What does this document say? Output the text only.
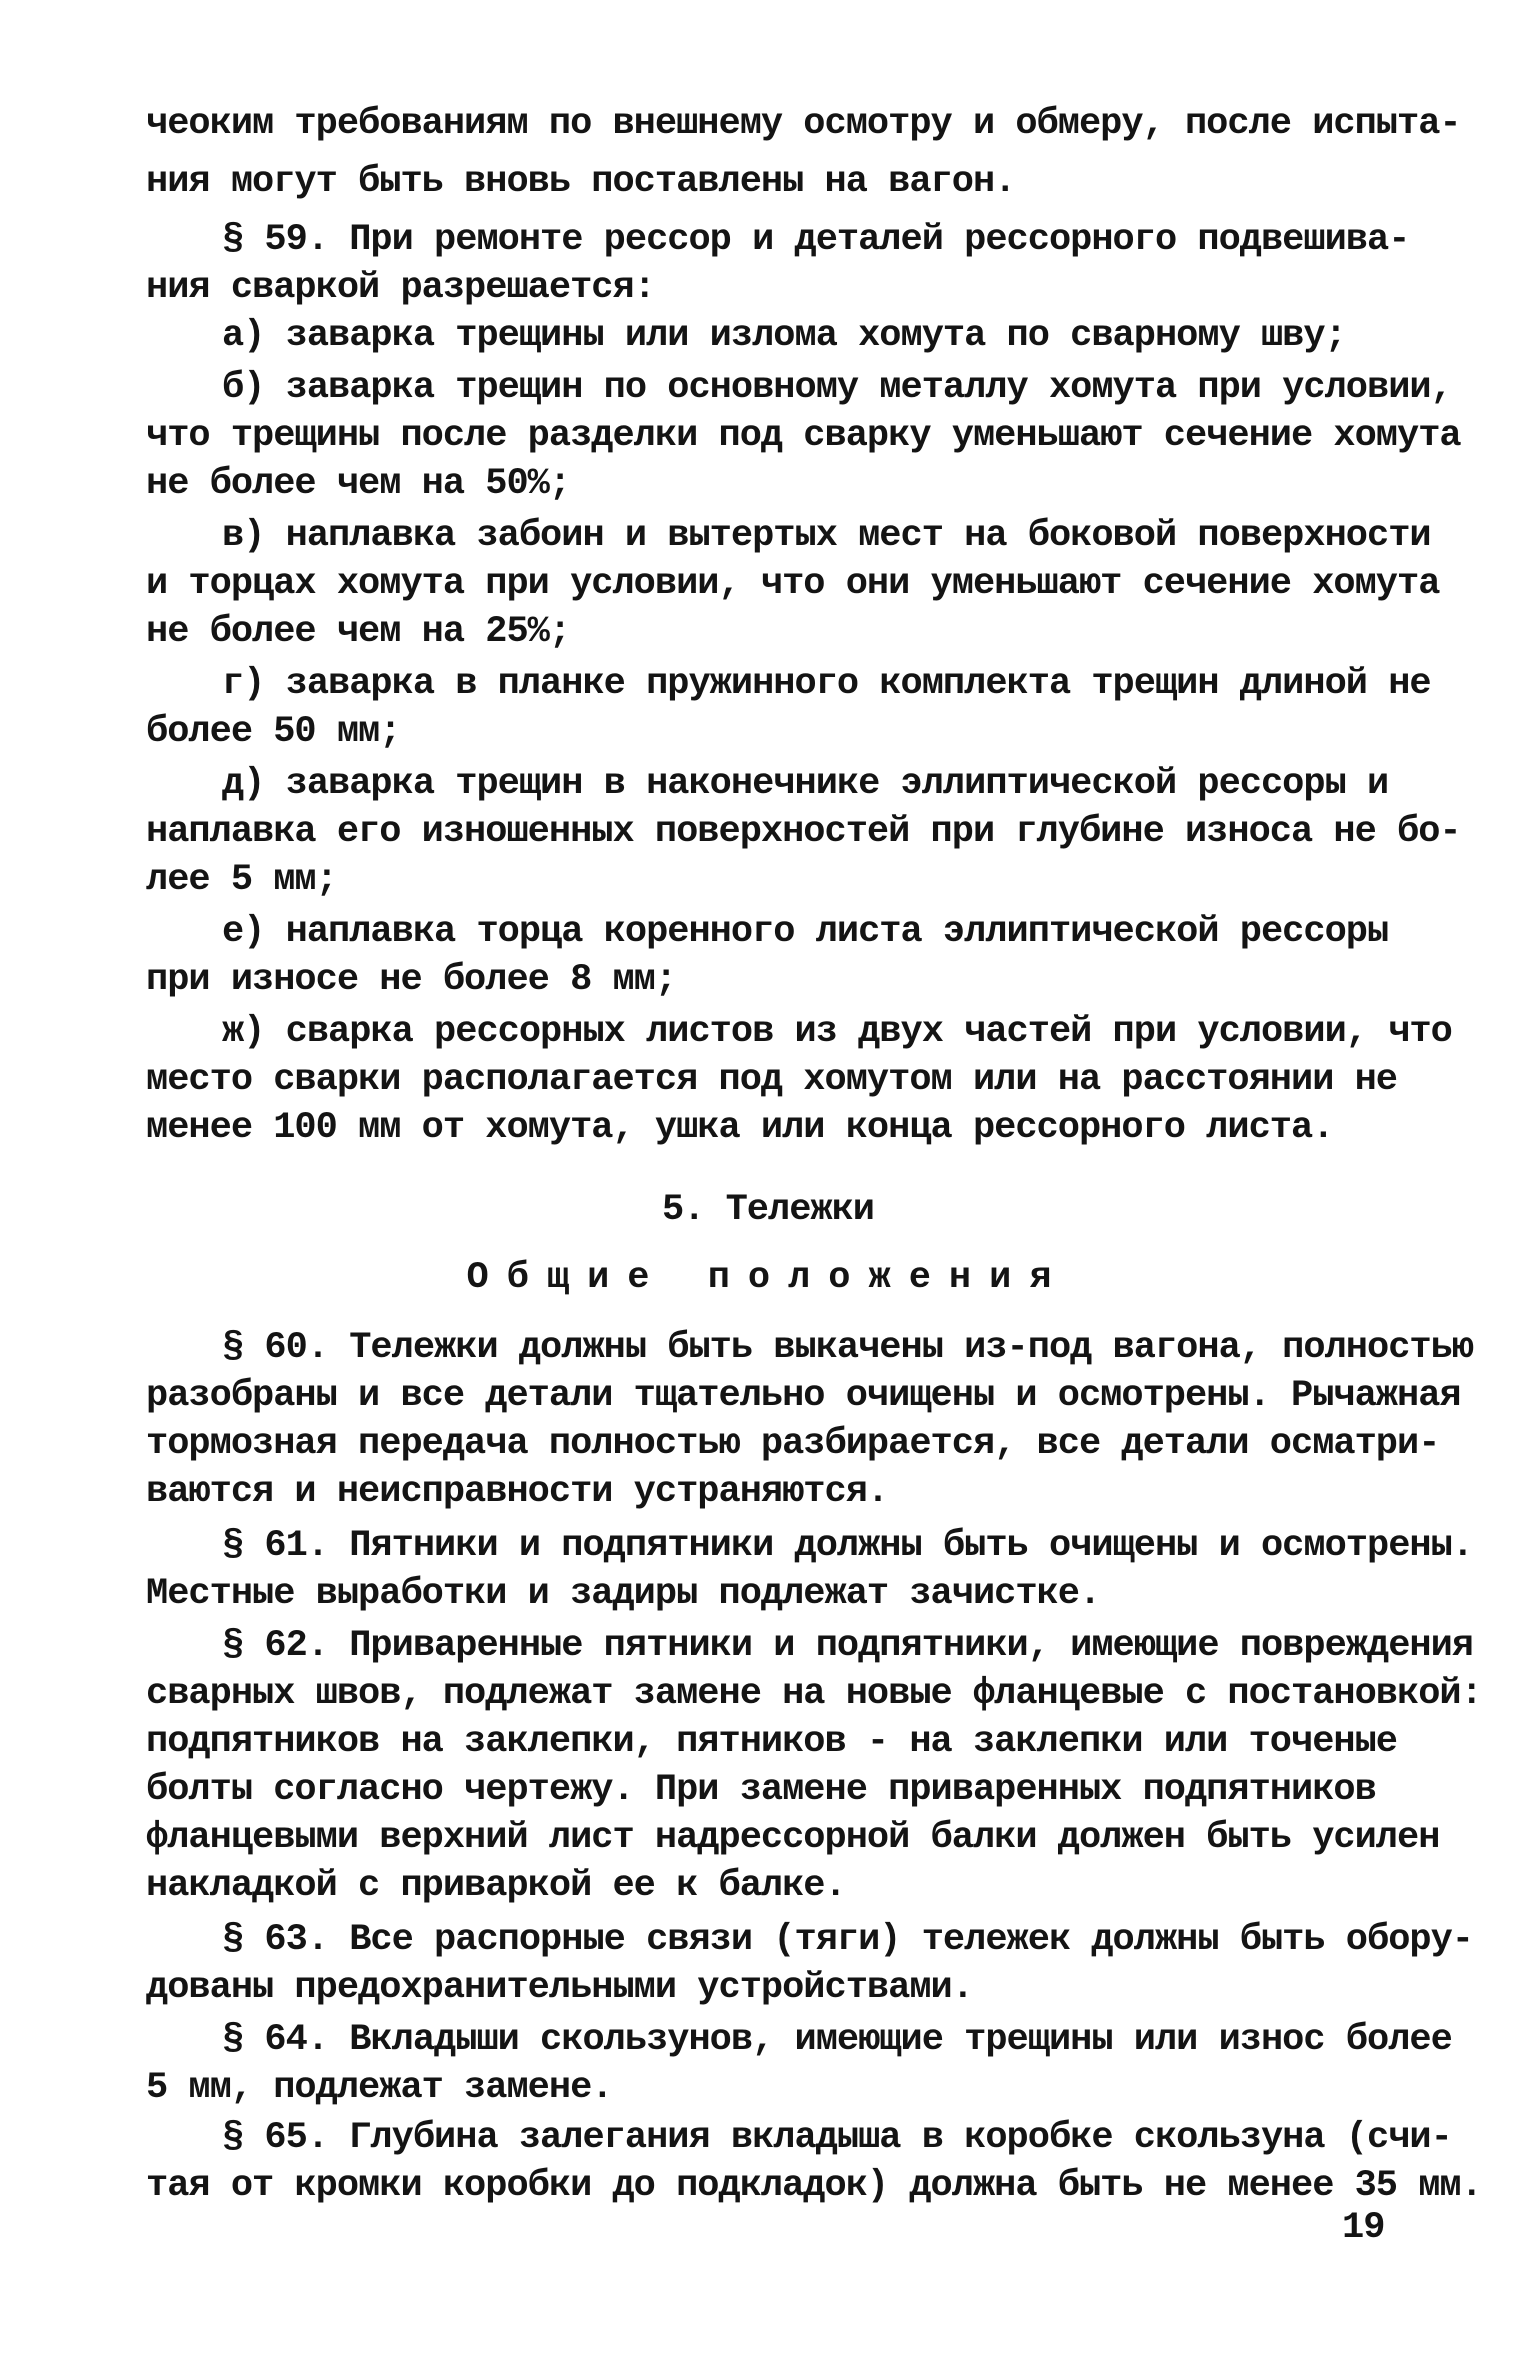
чеоким требованиям по внешнему осмотру и обмеру, после испыта-
ния могут быть вновь поставлены на вагон.
§ 59. При ремонте рессор и деталей рессорного подвешива-
ния сваркой разрешается:
а) заварка трещины или излома хомута по сварному шву;
б) заварка трещин по основному металлу хомута при условии,
что трещины после разделки под сварку уменьшают сечение хомута
не более чем на 50%;
в) наплавка забоин и вытертых мест на боковой поверхности
и торцах хомута при условии, что они уменьшают сечение хомута
не более чем на 25%;
г) заварка в планке пружинного комплекта трещин длиной не
более 50 мм;
д) заварка трещин в наконечнике эллиптической рессоры и
наплавка его изношенных поверхностей при глубине износа не бо-
лее 5 мм;
е) наплавка торца коренного листа эллиптической рессоры
при износе не более 8 мм;
ж) сварка рессорных листов из двух частей при условии, что
место сварки располагается под хомутом или на расстоянии не
менее 100 мм от хомута, ушка или конца рессорного листа.
5. Тележки
Общие положения
§ 60. Тележки должны быть выкачены из-под вагона, полностью
разобраны и все детали тщательно очищены и осмотрены. Рычажная
тормозная передача полностью разбирается, все детали осматри-
ваются и неисправности устраняются.
§ 61. Пятники и подпятники должны быть очищены и осмотрены.
Местные выработки и задиры подлежат зачистке.
§ 62. Приваренные пятники и подпятники, имеющие повреждения
сварных швов, подлежат замене на новые фланцевые с постановкой:
подпятников на заклепки, пятников - на заклепки или точеные
болты согласно чертежу. При замене приваренных подпятников
фланцевыми верхний лист надрессорной балки должен быть усилен
накладкой с приваркой ее к балке.
§ 63. Все распорные связи (тяги) тележек должны быть обору-
дованы предохранительными устройствами.
§ 64. Вкладыши скользунов, имеющие трещины или износ более
5 мм, подлежат замене.
§ 65. Глубина залегания вкладыша в коробке скользуна (счи-
тая от кромки коробки до подкладок) должна быть не менее 35 мм.
19
